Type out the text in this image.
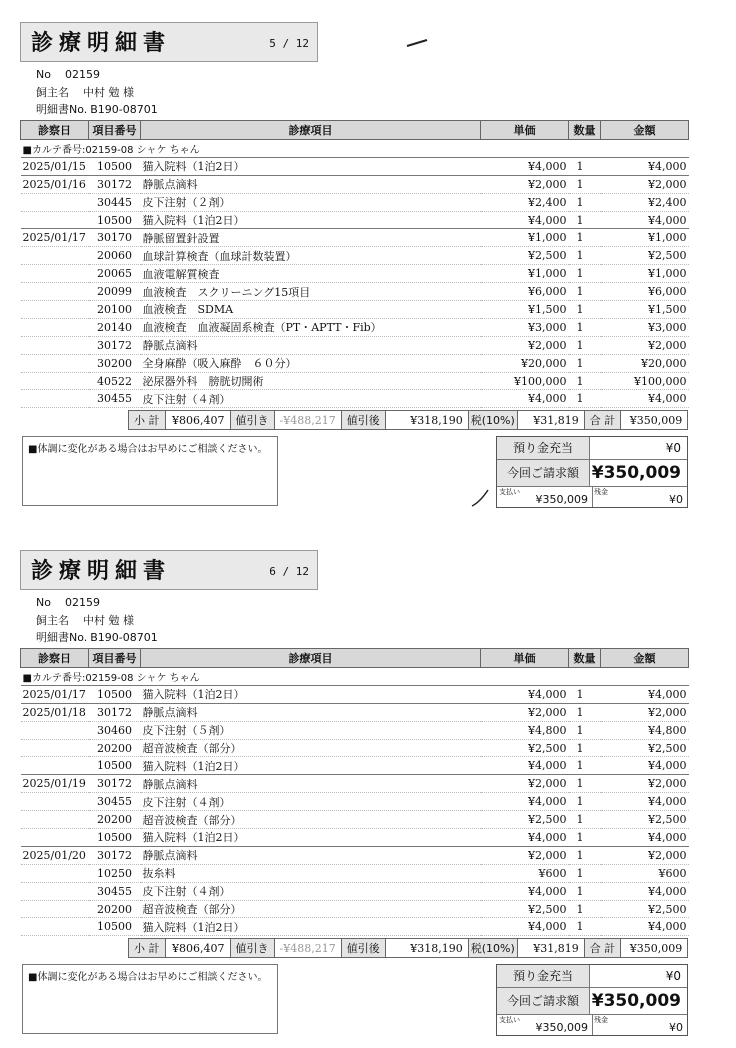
診療明細書	5 / 12
No 02159
飼主名 中村 勉 様
明細書No. B190-08701
診察日	項目番号	診療項目	単価	数量	金額
■カルテ番号:02159-08 シャケ ちゃん					
2025/01/15	10500	猫入院料（1泊2日）	¥4,000	1	¥4,000
2025/01/16	30172	静脈点滴料	¥2,000	1	¥2,000
	30445	皮下注射（２剤）	¥2,400	1	¥2,400
	10500	猫入院料（1泊2日）	¥4,000	1	¥4,000
2025/01/17	30170	静脈留置針設置	¥1,000	1	¥1,000
	20060	血球計算検査（血球計数装置）	¥2,500	1	¥2,500
	20065	血液電解質検査	¥1,000	1	¥1,000
	20099	血液検査　スクリーニング15項目	¥6,000	1	¥6,000
	20100	血液検査　SDMA	¥1,500	1	¥1,500
	20140	血液検査　血液凝固系検査（PT・APTT・Fib）	¥3,000	1	¥3,000
	30172	静脈点滴料	¥2,000	1	¥2,000
	30200	全身麻酔（吸入麻酔　６０分）	¥20,000	1	¥20,000
	40522	泌尿器外科　膀胱切開術	¥100,000	1	¥100,000
	30455	皮下注射（４剤）	¥4,000	1	¥4,000
小 計	¥806,407	値引き	-¥488,217	値引後	¥318,190	税(10%)	¥31,819	合 計	¥350,009
■体調に変化がある場合はお早めにご相談ください。	預り金充当	¥0
今回ご請求額 ¥350,009
支払い
¥350,009
残金
¥0
診療明細書	6 / 12
No 02159
飼主名 中村 勉 様
明細書No. B190-08701
診察日	項目番号	診療項目	単価	数量	金額
■カルテ番号:02159-08 シャケ ちゃん					
2025/01/17	10500	猫入院料（1泊2日）	¥4,000	1	¥4,000
2025/01/18	30172	静脈点滴料	¥2,000	1	¥2,000
	30460	皮下注射（５剤）	¥4,800	1	¥4,800
	20200	超音波検査（部分）	¥2,500	1	¥2,500
	10500	猫入院料（1泊2日）	¥4,000	1	¥4,000
2025/01/19	30172	静脈点滴料	¥2,000	1	¥2,000
	30455	皮下注射（４剤）	¥4,000	1	¥4,000
	20200	超音波検査（部分）	¥2,500	1	¥2,500
	10500	猫入院料（1泊2日）	¥4,000	1	¥4,000
2025/01/20	30172	静脈点滴料	¥2,000	1	¥2,000
	10250	抜糸料	¥600	1	¥600
	30455	皮下注射（４剤）	¥4,000	1	¥4,000
	20200	超音波検査（部分）	¥2,500	1	¥2,500
	10500	猫入院料（1泊2日）	¥4,000	1	¥4,000
小 計	¥806,407	値引き	-¥488,217	値引後	¥318,190	税(10%)	¥31,819	合 計	¥350,009
■体調に変化がある場合はお早めにご相談ください。	預り金充当	¥0
今回ご請求額 ¥350,009
支払い
¥350,009
残金
¥0
